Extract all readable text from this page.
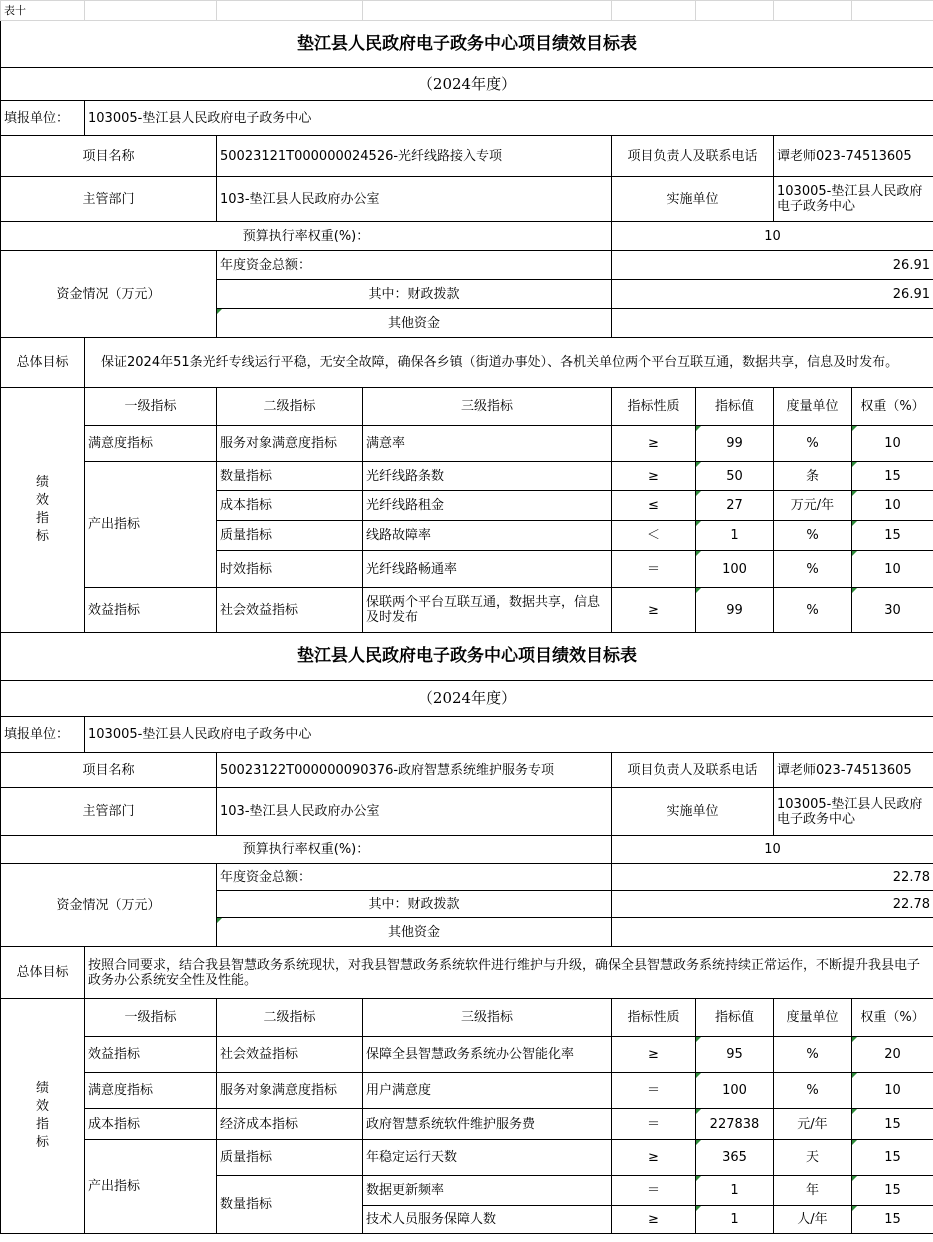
表十							
垫江县人民政府电子政务中心项目绩效目标表							
（2024年度）							
填报单位：	103005-垫江县人民政府电子政务中心						
项目名称		50023121T000000024526-光纤线路接入专项		项目负责人及联系电话		谭老师023-74513605	
主管部门		103-垫江县人民政府办公室		实施单位		103005-垫江县人民政府电子政务中心	
预算执行率权重(%)：				10			
资金情况（万元）		年度资金总额：		26.91			
		其中：财政拨款		26.91			
		其他资金					
总体目标	　保证2024年51条光纤专线运行平稳，无安全故障，确保各乡镇（街道办事处）、各机关单位两个平台互联互通，数据共享，信息及时发布。						
绩
效
指
标	一级指标	二级指标	三级指标	指标性质	指标值	度量单位	权重（%）
	满意度指标	服务对象满意度指标	满意率	≥	99	%	10
	产出指标	数量指标	光纤线路条数	≥	50	条	15
		成本指标	光纤线路租金	≤	27	万元/年	10
		质量指标	线路故障率	＜	1	%	15
		时效指标	光纤线路畅通率	＝	100	%	10
	效益指标	社会效益指标	保联两个平台互联互通，数据共享，信息及时发布	≥	99	%	30
垫江县人民政府电子政务中心项目绩效目标表							
（2024年度）							
填报单位：	103005-垫江县人民政府电子政务中心						
项目名称		50023122T000000090376-政府智慧系统维护服务专项		项目负责人及联系电话		谭老师023-74513605	
主管部门		103-垫江县人民政府办公室		实施单位		103005-垫江县人民政府电子政务中心	
预算执行率权重(%)：				10			
资金情况（万元）		年度资金总额：		22.78			
		其中：财政拨款		22.78			
		其他资金					
总体目标	按照合同要求，结合我县智慧政务系统现状，对我县智慧政务系统软件进行维护与升级，确保全县智慧政务系统持续正常运作，不断提升我县电子政务办公系统安全性及性能。						
绩
效
指
标	一级指标	二级指标	三级指标	指标性质	指标值	度量单位	权重（%）
	效益指标	社会效益指标	保障全县智慧政务系统办公智能化率	≥	95	%	20
	满意度指标	服务对象满意度指标	用户满意度	＝	100	%	10
	成本指标	经济成本指标	政府智慧系统软件维护服务费	＝	227838	元/年	15
	产出指标	质量指标	年稳定运行天数	≥	365	天	15
		数量指标	数据更新频率	＝	1	年	15
			技术人员服务保障人数	≥	1	人/年	15
